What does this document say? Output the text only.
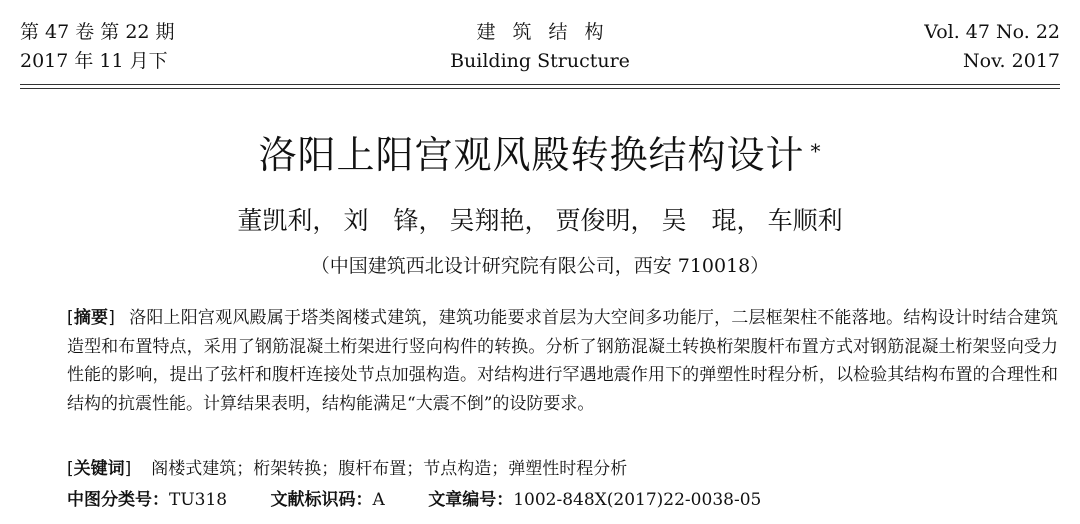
第 47 卷 第 22 期
2017 年 11 月下
建筑结构
Building Structure
Vol. 47 No. 22
Nov. 2017
洛阳上阳宫观风殿转换结构设计 *
董凯利 ， 刘　锋 ， 吴翔艳 ， 贾俊明 ， 吴　琨 ， 车顺利
（中国建筑西北设计研究院有限公司，西安 710018）
[摘要] 洛阳上阳宫观风殿属于塔类阁楼式建筑，建筑功能要求首层为大空间多功能厅，二层框架柱不能落地。结构设计时结合建筑造型和布置特点，采用了钢筋混凝土桁架进行竖向构件的转换。分析了钢筋混凝土转换桁架腹杆布置方式对钢筋混凝土桁架竖向受力性能的影响，提出了弦杆和腹杆连接处节点加强构造。对结构进行罕遇地震作用下的弹塑性时程分析，以检验其结构布置的合理性和结构的抗震性能。计算结果表明，结构能满足“大震不倒”的设防要求。
[关键词] 阁楼式建筑；桁架转换；腹杆布置；节点构造；弹塑性时程分析
中图分类号：TU318	文献标识码：A	文章编号：1002-848X(2017)22-0038-05
